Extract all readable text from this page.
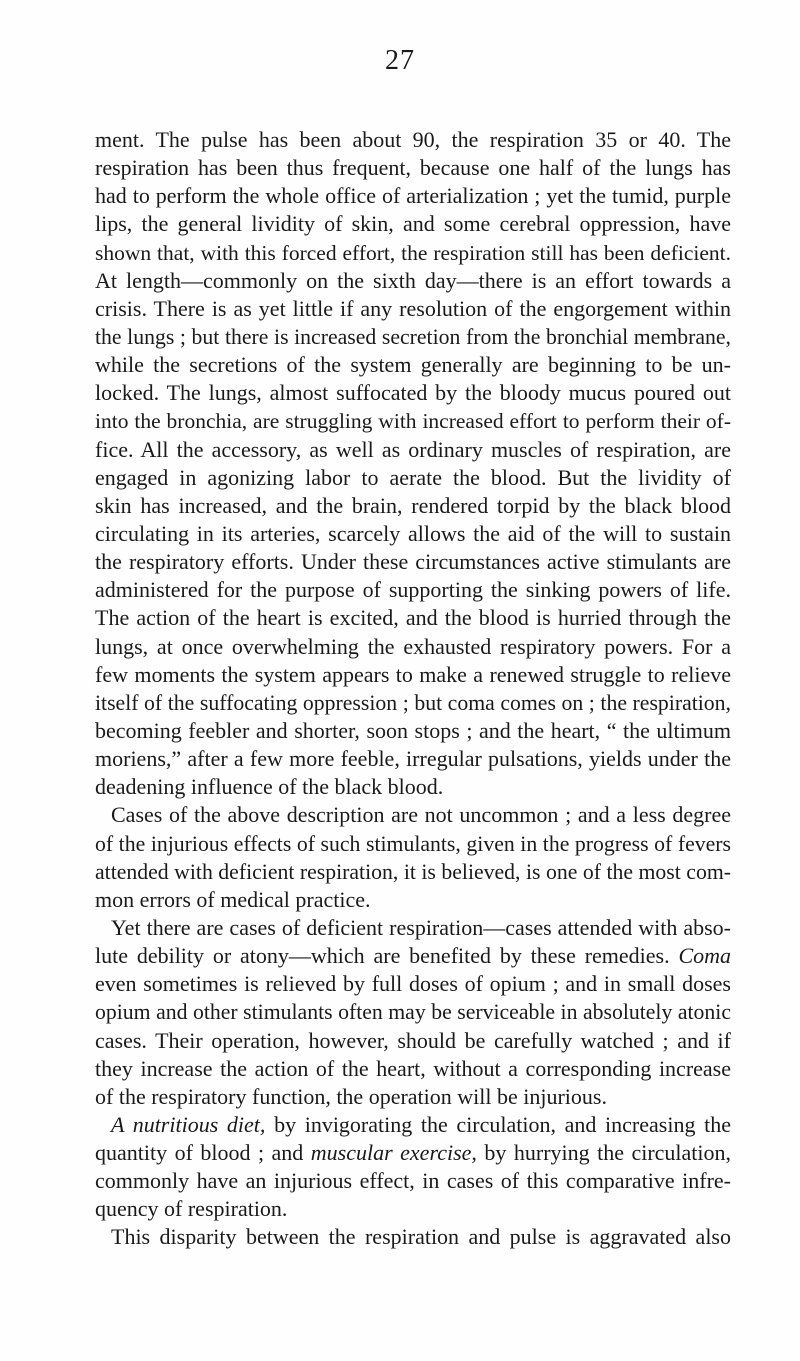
27
ment. The pulse has been about 90, the respiration 35 or 40. The
respiration has been thus frequent, because one half of the lungs has
had to perform the whole office of arterialization ; yet the tumid, purple
lips, the general lividity of skin, and some cerebral oppression, have
shown that, with this forced effort, the respiration still has been deficient.
At length—commonly on the sixth day—there is an effort towards a
crisis. There is as yet little if any resolution of the engorgement within
the lungs ; but there is increased secretion from the bronchial membrane,
while the secretions of the system generally are beginning to be un-
locked. The lungs, almost suffocated by the bloody mucus poured out
into the bronchia, are struggling with increased effort to perform their of-
fice. All the accessory, as well as ordinary muscles of respiration, are
engaged in agonizing labor to aerate the blood. But the lividity of
skin has increased, and the brain, rendered torpid by the black blood
circulating in its arteries, scarcely allows the aid of the will to sustain
the respiratory efforts. Under these circumstances active stimulants are
administered for the purpose of supporting the sinking powers of life.
The action of the heart is excited, and the blood is hurried through the
lungs, at once overwhelming the exhausted respiratory powers. For a
few moments the system appears to make a renewed struggle to relieve
itself of the suffocating oppression ; but coma comes on ; the respiration,
becoming feebler and shorter, soon stops ; and the heart, “ the ultimum
moriens,” after a few more feeble, irregular pulsations, yields under the
deadening influence of the black blood.
Cases of the above description are not uncommon ; and a less degree
of the injurious effects of such stimulants, given in the progress of fevers
attended with deficient respiration, it is believed, is one of the most com-
mon errors of medical practice.
Yet there are cases of deficient respiration—cases attended with abso-
lute debility or atony—which are benefited by these remedies. Coma
even sometimes is relieved by full doses of opium ; and in small doses
opium and other stimulants often may be serviceable in absolutely atonic
cases. Their operation, however, should be carefully watched ; and if
they increase the action of the heart, without a corresponding increase
of the respiratory function, the operation will be injurious.
A nutritious diet, by invigorating the circulation, and increasing the
quantity of blood ; and muscular exercise, by hurrying the circulation,
commonly have an injurious effect, in cases of this comparative infre-
quency of respiration.
This disparity between the respiration and pulse is aggravated also
